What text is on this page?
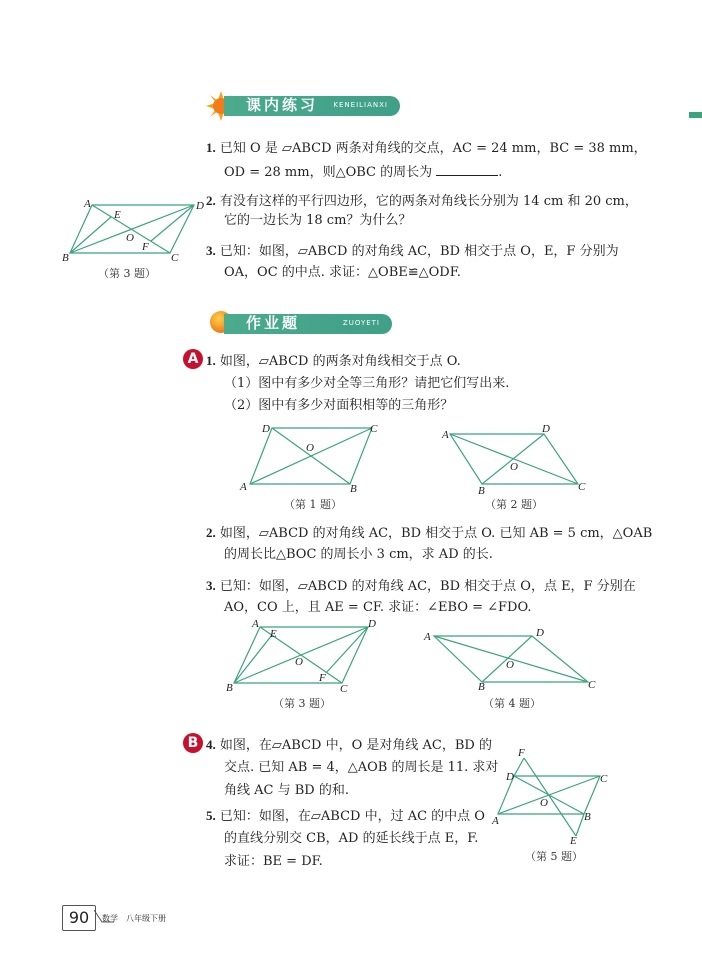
课内练习 KENEILIANXI
1. 已知 O 是 ▱ABCD 两条对角线的交点，AC = 24 mm，BC = 38 mm，
OD = 28 mm，则△OBC 的周长为	.
2. 有没有这样的平行四边形，它的两条对角线长分别为 14 cm 和 20 cm，
它的一边长为 18 cm？为什么？
3. 已知：如图，▱ABCD 的对角线 AC，BD 相交于点 O，E，F 分别为
OA，OC 的中点. 求证：△OBE≌△ODF.
A	D
B	C
E
O
F
（第 3 题）
作业题	ZUOYETI
A 1. 如图，▱ABCD 的两条对角线相交于点 O.
（1）图中有多少对全等三角形？请把它们写出来.
（2）图中有多少对面积相等的三角形？
D	C
A	B
O
（第 1 题）
A	D
B	C
O
（第 2 题）
2. 如图，▱ABCD 的对角线 AC，BD 相交于点 O. 已知 AB = 5 cm，△OAB
的周长比△BOC 的周长小 3 cm，求 AD 的长.
3. 已知：如图，▱ABCD 的对角线 AC，BD 相交于点 O，点 E，F 分别在
AO，CO 上，且 AE = CF. 求证：∠EBO = ∠FDO.
A	D
B	C
E
O
F
（第 3 题）
A	D
B	C
O
（第 4 题）
B 4. 如图，在▱ABCD 中，O 是对角线 AC，BD 的
交点. 已知 AB = 4，△AOB 的周长是 11. 求对
角线 AC 与 BD 的和.
5. 已知：如图，在▱ABCD 中，过 AC 的中点 O
的直线分别交 CB，AD 的延长线于点 E，F.
求证：BE = DF.
F
D	C
A	B
E
O
（第 5 题）
90	数学　八年级下册
